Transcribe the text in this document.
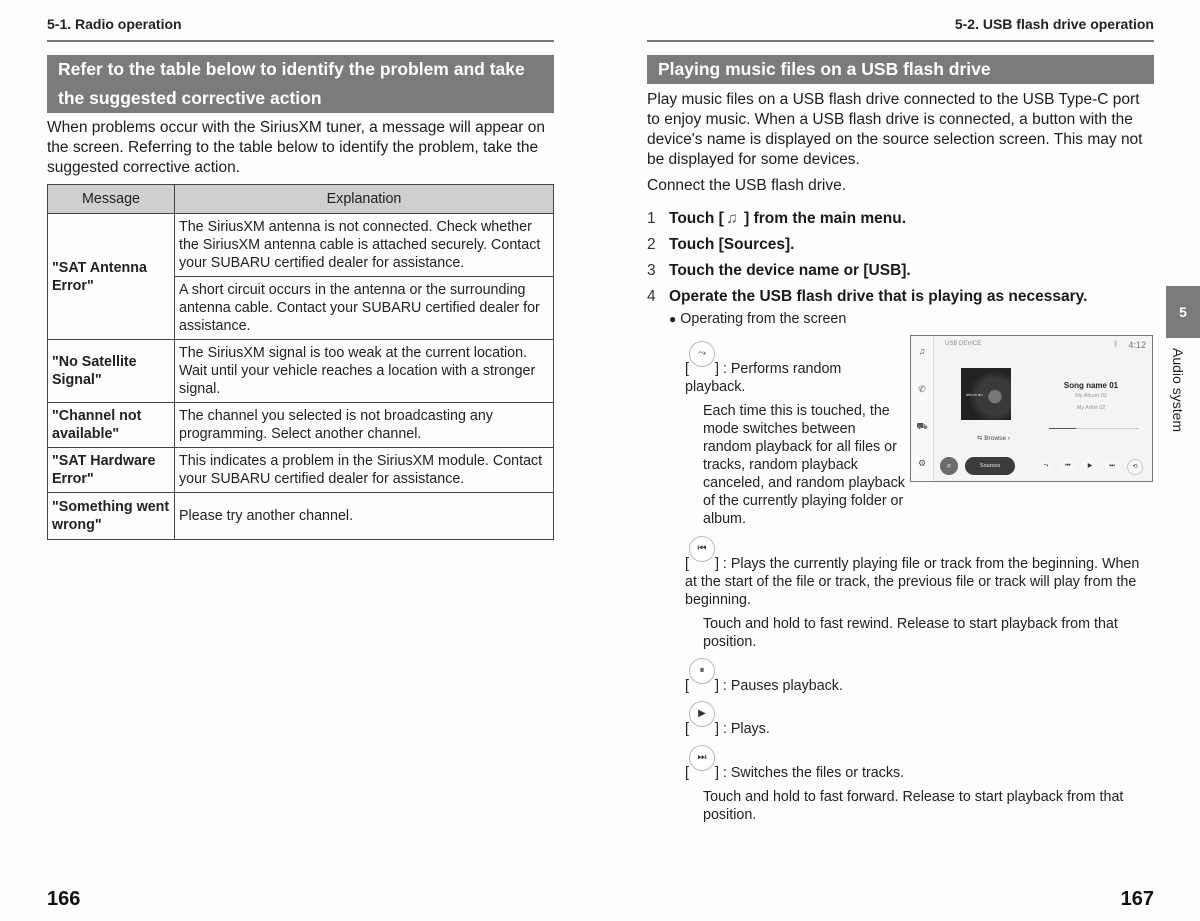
5-1. Radio operation
Refer to the table below to identify the problem and take the suggested corrective action
When problems occur with the SiriusXM tuner, a message will appear on the screen. Referring to the table below to identify the problem, take the suggested corrective action.
Message	Explanation
"SAT Antenna Error"	The SiriusXM antenna is not connected. Check whether the SiriusXM antenna cable is attached securely. Contact your SUBARU certified dealer for assistance.
	A short circuit occurs in the antenna or the surrounding antenna cable. Contact your SUBARU certified dealer for assistance.
"No Satellite Signal"	The SiriusXM signal is too weak at the current location. Wait until your vehicle reaches a location with a stronger signal.
"Channel not available"	The channel you selected is not broadcasting any programming. Select another channel.
"SAT Hardware Error"	This indicates a problem in the SiriusXM module. Contact your SUBARU certified dealer for assistance.
"Something went wrong"	Please try another channel.
166
5-2. USB flash drive operation
Playing music files on a USB flash drive
Play music files on a USB flash drive connected to the USB Type-C port to enjoy music. When a USB flash drive is connected, a button with the device's name is displayed on the source selection screen. This may not be displayed for some devices.
Connect the USB flash drive.
1 Touch [ ♫ ] from the main menu.
2 Touch [Sources].
3 Touch the device name or [USB].
4 Operate the USB flash drive that is playing as necessary.
● Operating from the screen
[
⤳
] : Performs random playback.
Each time this is touched, the mode switches between random playback for all files or tracks, random playback canceled, and random playback of the currently playing folder or album.
[
⏮
] : Plays the currently playing file or track from the beginning. When at the start of the file or track, the previous file or track will play from the beginning.
Touch and hold to fast rewind. Release to start playback from that position.
[
⏸
] : Pauses playback.
[
▶
] : Plays.
[
⏭
] : Switches the files or tracks.
Touch and hold to fast forward. Release to start playback from that position.
♫
✆
⛟
⚙
USB DEVICE	ᛒ 4:12
album art
Song name 01
My Album 02
My Artist 02
⇆ Browse ›
⌕	Sources	⤳	⏮	▶	⏭	⟲
167
5
Audio system
